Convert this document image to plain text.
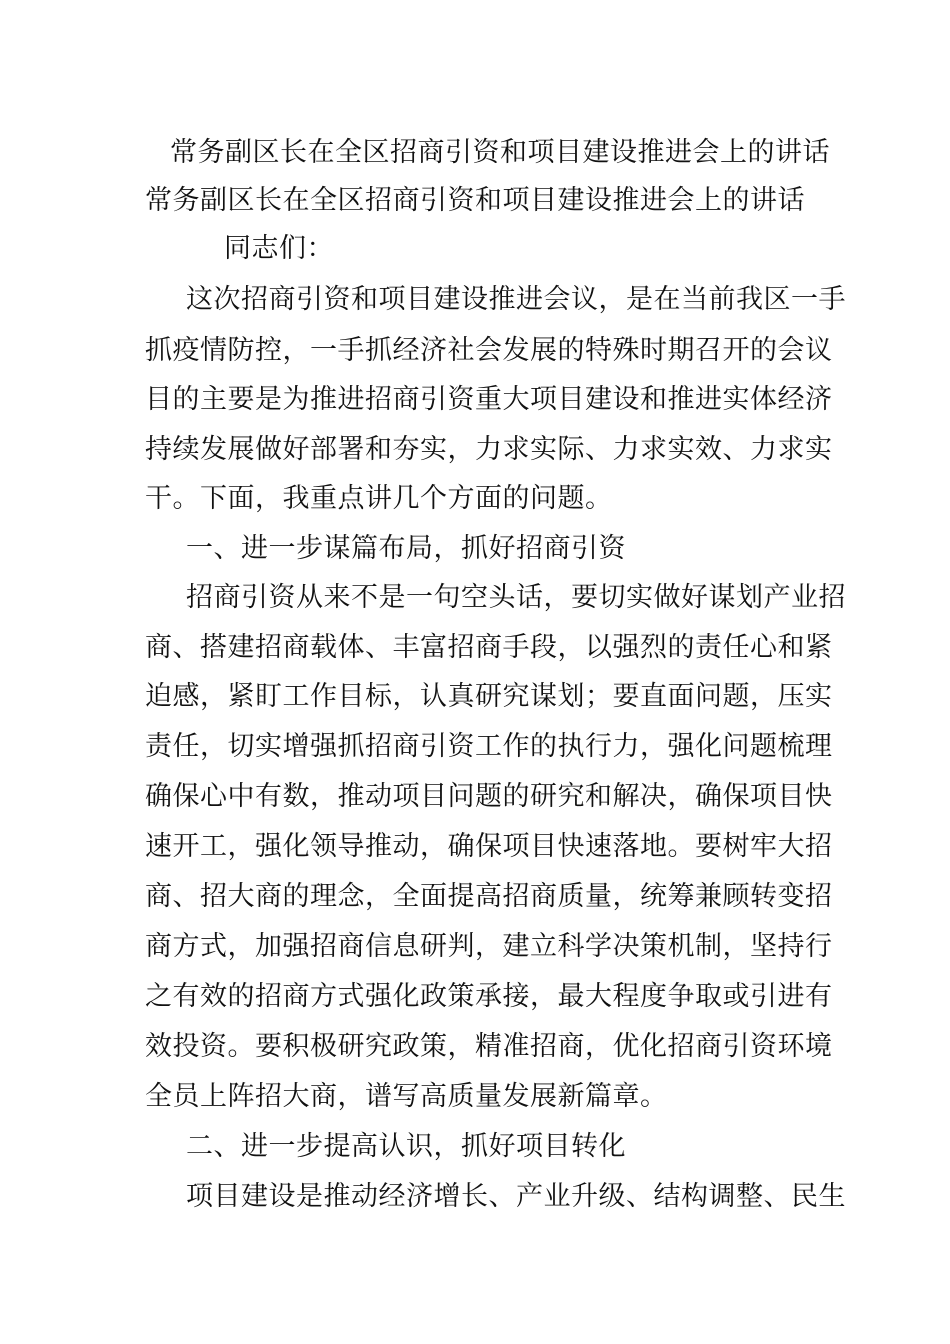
常务副区长在全区招商引资和项目建设推进会上的讲话
常务副区长在全区招商引资和项目建设推进会上的讲话
同志们：
这次招商引资和项目建设推进会议，是在当前我区一手
抓疫情防控，一手抓经济社会发展的特殊时期召开的会议
目的主要是为推进招商引资重大项目建设和推进实体经济
持续发展做好部署和夯实，力求实际、力求实效、力求实
干。下面，我重点讲几个方面的问题。
一、进一步谋篇布局，抓好招商引资
招商引资从来不是一句空头话，要切实做好谋划产业招
商、搭建招商载体、丰富招商手段，以强烈的责任心和紧
迫感，紧盯工作目标，认真研究谋划；要直面问题，压实
责任，切实增强抓招商引资工作的执行力，强化问题梳理
确保心中有数，推动项目问题的研究和解决，确保项目快
速开工，强化领导推动，确保项目快速落地。要树牢大招
商、招大商的理念，全面提高招商质量，统筹兼顾转变招
商方式，加强招商信息研判，建立科学决策机制，坚持行
之有效的招商方式强化政策承接，最大程度争取或引进有
效投资。要积极研究政策，精准招商，优化招商引资环境
全员上阵招大商，谱写高质量发展新篇章。
二、进一步提高认识，抓好项目转化
项目建设是推动经济增长、产业升级、结构调整、民生
